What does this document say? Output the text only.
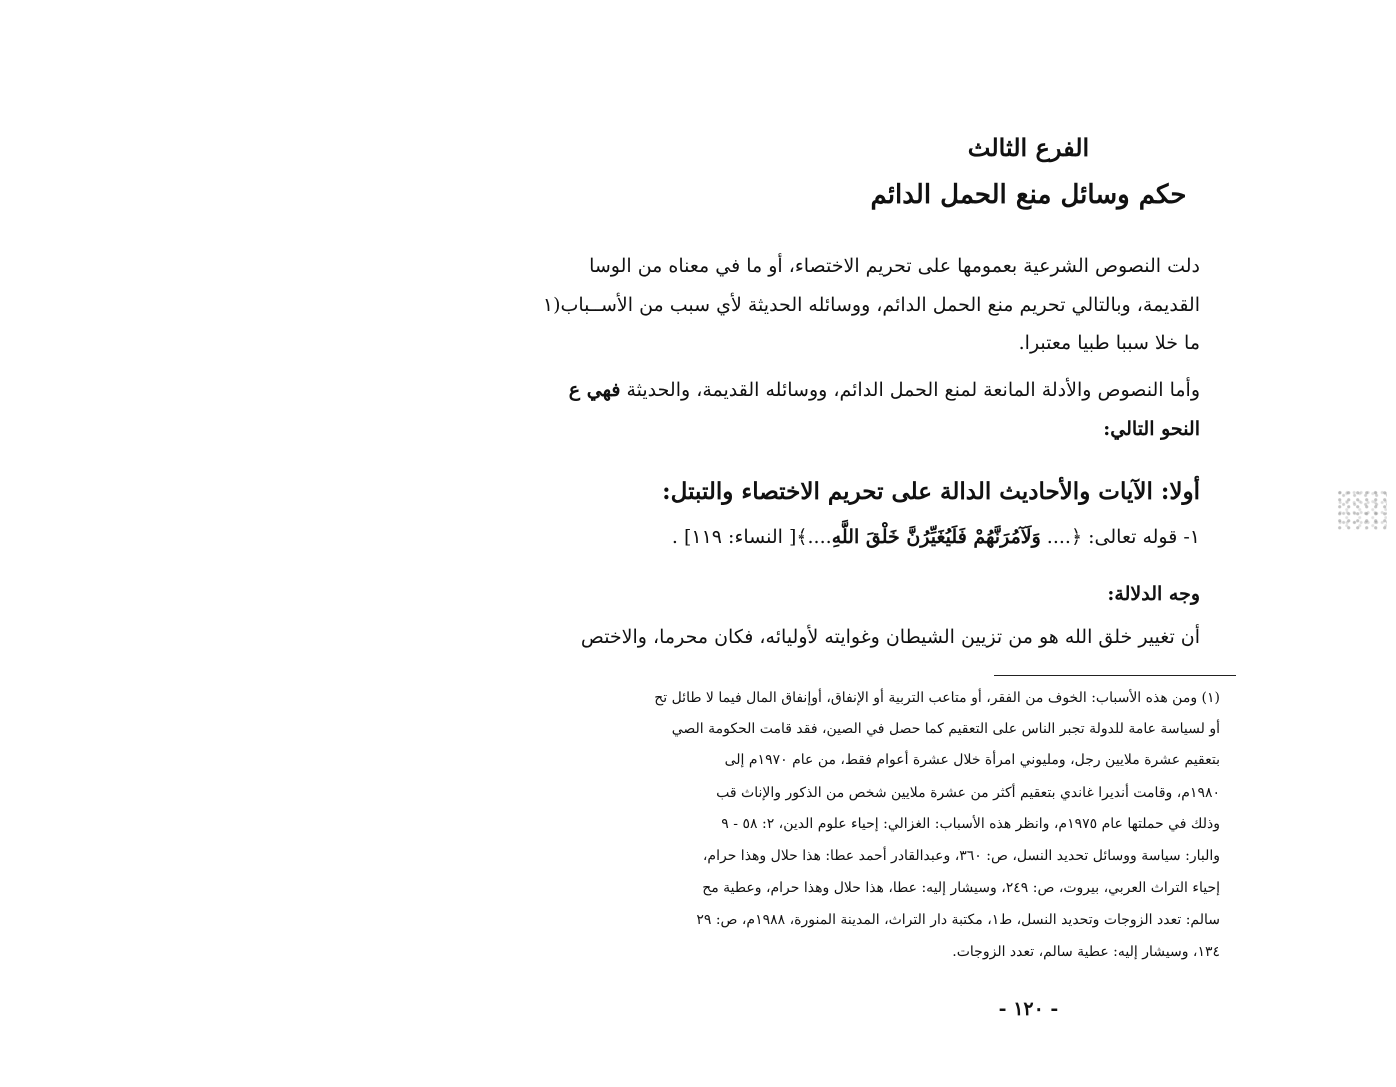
الفرع الثالث
حكم وسائل منع الحمل الدائم
دلت النصوص الشرعية بعمومها على تحريم الاختصاء، أو ما في معناه من الوسا
القديمة، وبالتالي تحريم منع الحمل الدائم، ووسائله الحديثة لأي سبب من الأســباب(١
ما خلا سببا طبيا معتبرا.
وأما النصوص والأدلة المانعة لمنع الحمل الدائم، ووسائله القديمة، والحديثة فهي ع
النحو التالي:
أولا: الآيات والأحاديث الدالة على تحريم الاختصاء والتبتل:
١- قوله تعالى: ﴿.... وَلَآمُرَنَّهُمْ فَلَيُغَيِّرُنَّ خَلْقَ اللَّهِ....﴾[ النساء: ١١٩] .
وجه الدلالة:
أن تغيير خلق الله هو من تزيين الشيطان وغوايته لأوليائه، فكان محرما، والاختص
(١) ومن هذه الأسباب: الخوف من الفقر، أو متاعب التربية أو الإنفاق، أوإنفاق المال فيما لا طائل تح
أو لسياسة عامة للدولة تجبر الناس على التعقيم كما حصل في الصين، فقد قامت الحكومة الصي
بتعقيم عشرة ملايين رجل، ومليوني امرأة خلال عشرة أعوام فقط، من عام ١٩٧٠م إلى
١٩٨٠م، وقامت أنديرا غاندي بتعقيم أكثر من عشرة ملايين شخص من الذكور والإناث قب
وذلك في حملتها عام ١٩٧٥م، وانظر هذه الأسباب: الغزالي: إحياء علوم الدين، ٢: ٥٨ - ٩
والبار: سياسة ووسائل تحديد النسل، ص: ٣٦٠، وعبدالقادر أحمد عطا: هذا حلال وهذا حرام،
إحياء التراث العربي، بيروت، ص: ٢٤٩، وسيشار إليه: عطا، هذا حلال وهذا حرام، وعطية مح
سالم: تعدد الزوجات وتحديد النسل، ط١، مكتبة دار التراث، المدينة المنورة، ١٩٨٨م، ص: ٢٩
١٣٤، وسيشار إليه: عطية سالم، تعدد الزوجات.
- ١٢٠ -
